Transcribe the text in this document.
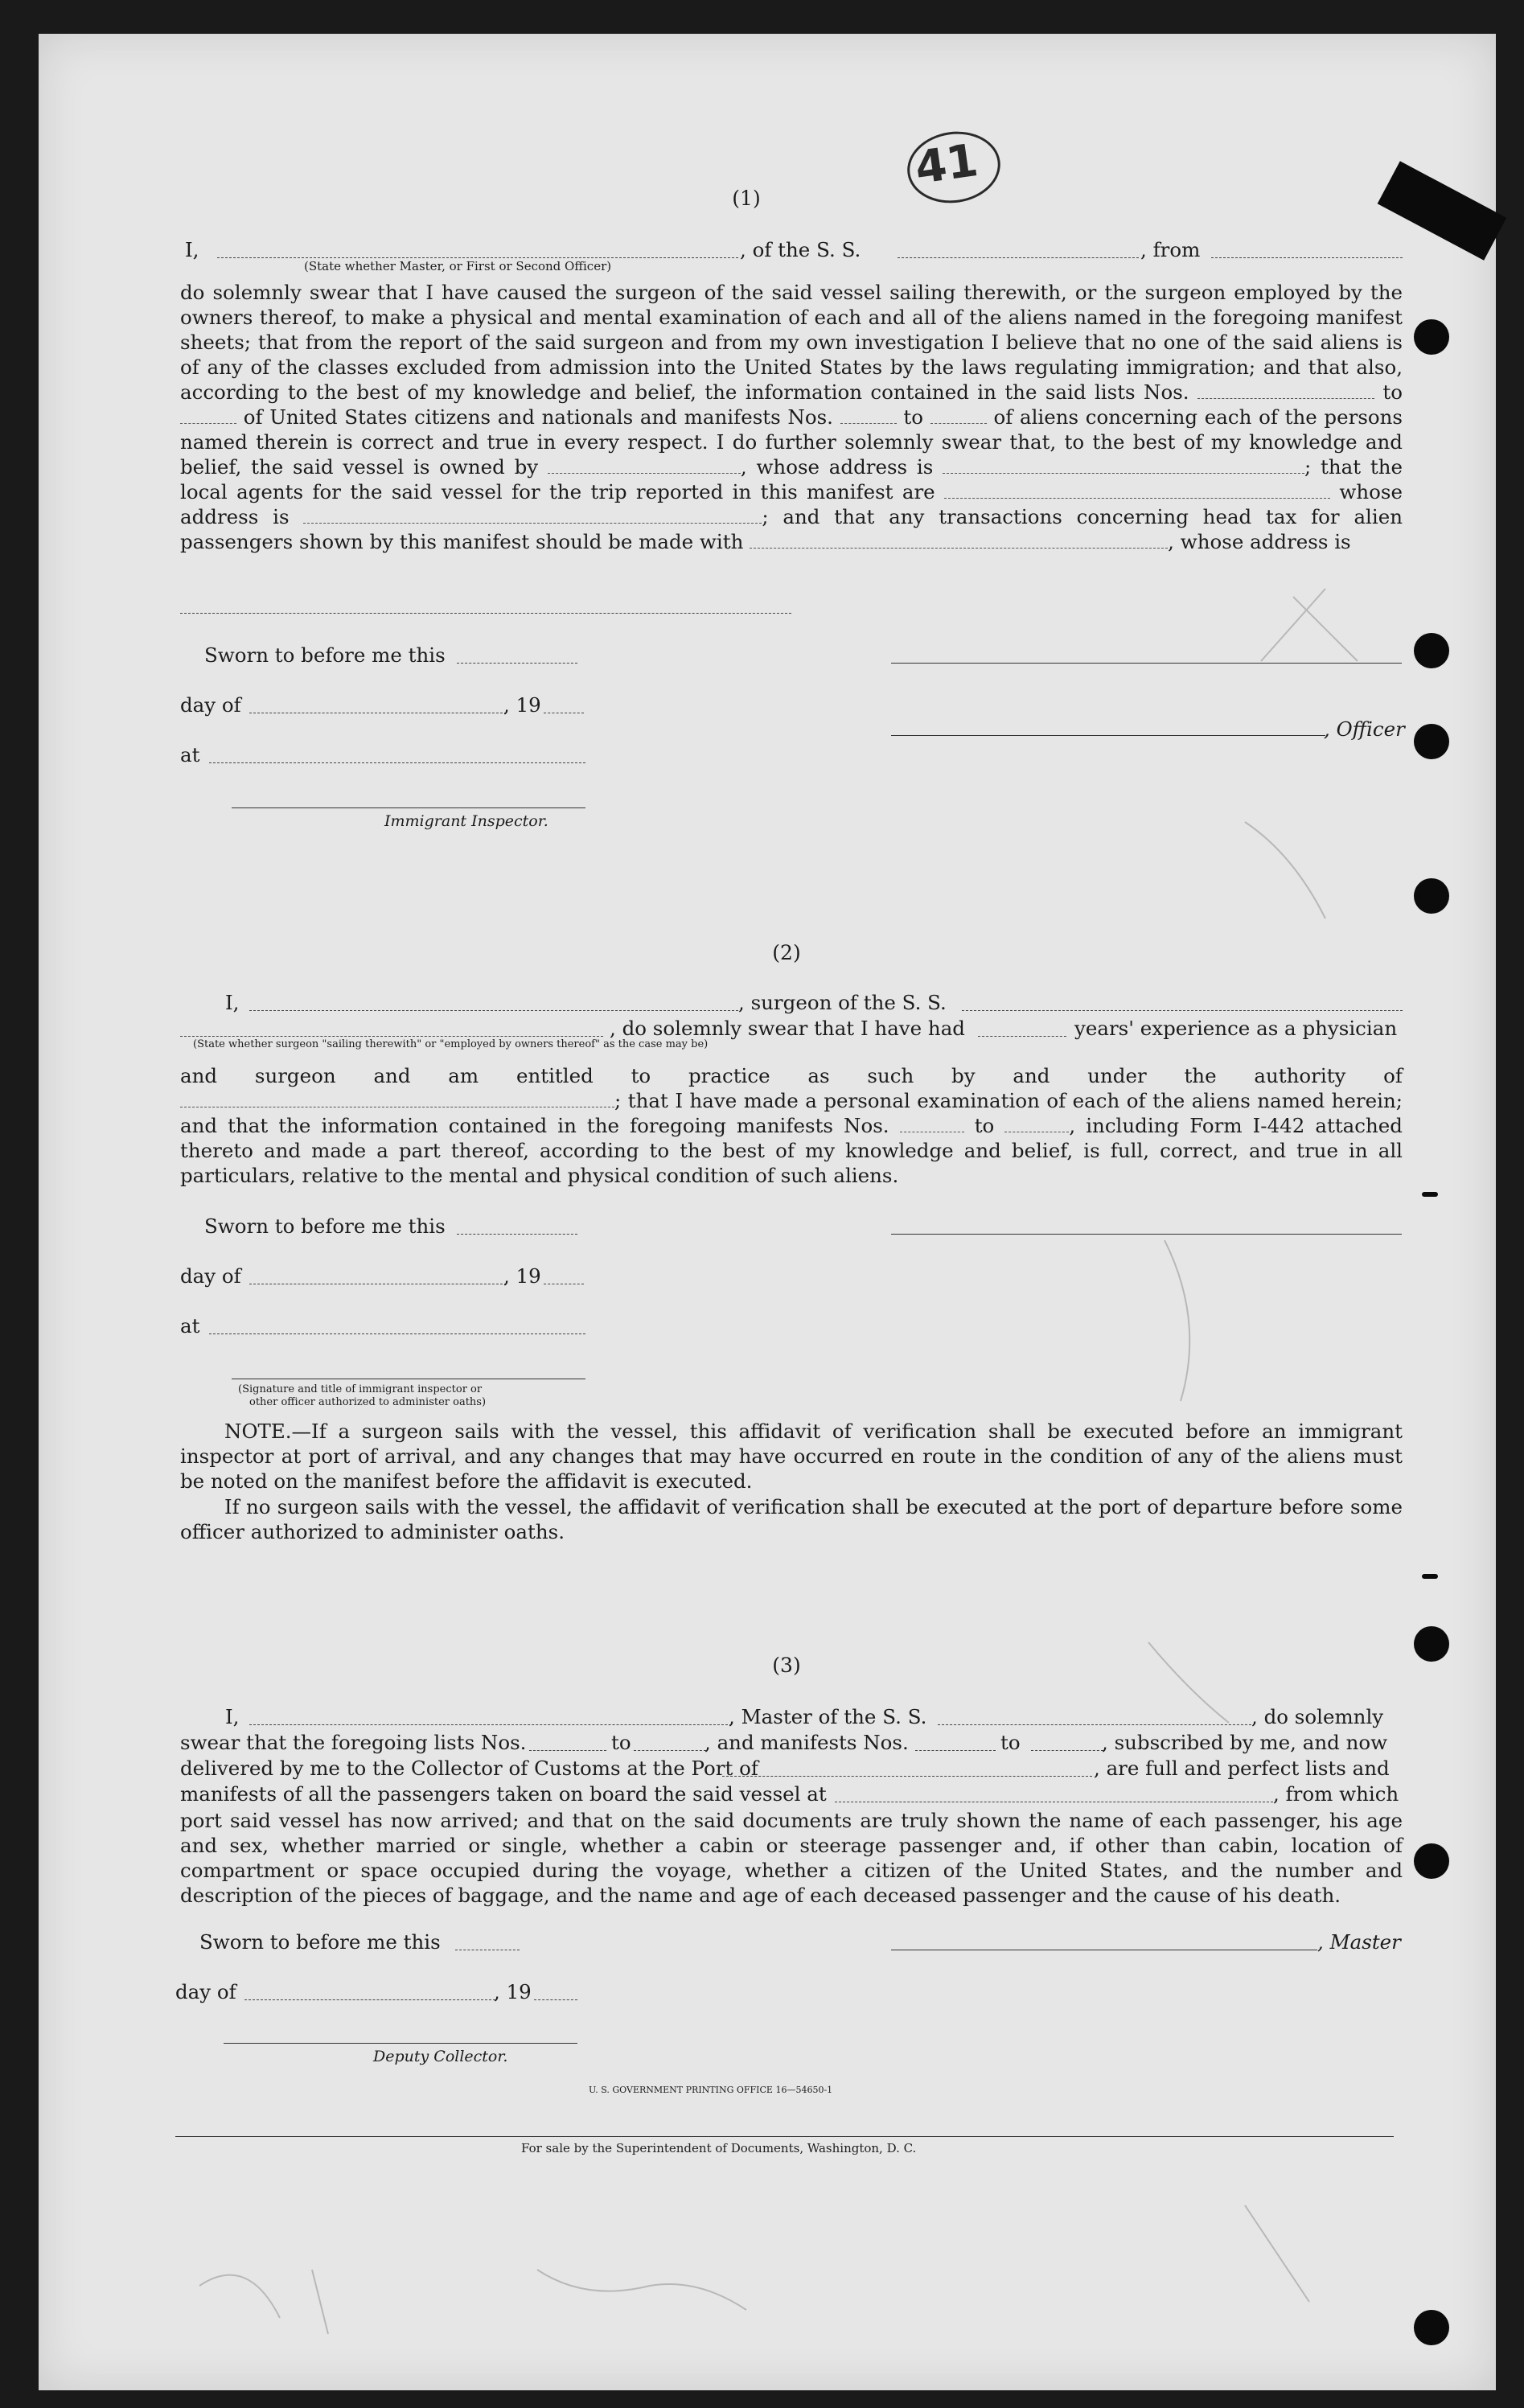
41
(1)
I,	, of the S. S.	, from
(State whether Master, or First or Second Officer)
do solemnly swear that I have caused the surgeon of the said vessel sailing therewith, or the surgeon employed by the owners thereof, to make a physical and mental examination of each and all of the aliens named in the foregoing manifest sheets; that from the report of the said surgeon and from my own investigation I believe that no one of the said aliens is of any of the classes excluded from admission into the United States by the laws regulating immigration; and that also, according to the best of my knowledge and belief, the information contained in the said lists Nos.	to  of United States citizens and nationals and manifests Nos.	to	of aliens concerning each of the persons named therein is correct and true in every respect. I do further solemnly swear that, to the best of my knowledge and belief, the said vessel is owned by	, whose address is	; that the local agents for the said vessel for the trip reported in this manifest are	whose address is	; and that any transactions concerning head tax for alien passengers shown by this manifest should be made with	, whose address is
Sworn to before me this
day of	, 19
, Officer
at
Immigrant Inspector.
(2)
I,	, surgeon of the S. S.
, do solemnly swear that I have had	years' experience as a physician
(State whether surgeon "sailing therewith" or "employed by owners thereof" as the case may be)
and surgeon and am entitled to practice as such by and under the authority of ; that I have made a personal examination of each of the aliens named herein; and that the information contained in the foregoing manifests Nos.	to	, including Form I-442 attached thereto and made a part thereof, according to the best of my knowledge and belief, is full, correct, and true in all particulars, relative to the mental and physical condition of such aliens.
Sworn to before me this
day of	, 19
at
(Signature and title of immigrant inspector or
other officer authorized to administer oaths)
NOTE.—If a surgeon sails with the vessel, this affidavit of verification shall be executed before an immigrant inspector at port of arrival, and any changes that may have occurred en route in the condition of any of the aliens must be noted on the manifest before the affidavit is executed.
If no surgeon sails with the vessel, the affidavit of verification shall be executed at the port of departure before some officer authorized to administer oaths.
(3)
I,	, Master of the S. S.	, do solemnly
swear that the foregoing lists Nos.	to	, and manifests Nos.	to	, subscribed by me, and now
delivered by me to the Collector of Customs at the Port of	, are full and perfect lists and
manifests of all the passengers taken on board the said vessel at	, from which
port said vessel has now arrived; and that on the said documents are truly shown the name of each passenger, his age and sex, whether married or single, whether a cabin or steerage passenger and, if other than cabin, location of compartment or space occupied during the voyage, whether a citizen of the United States, and the number and description of the pieces of baggage, and the name and age of each deceased passenger and the cause of his death.
Sworn to before me this	, Master
day of	, 19
Deputy Collector.
U. S. GOVERNMENT PRINTING OFFICE 16—54650-1
For sale by the Superintendent of Documents, Washington, D. C.
